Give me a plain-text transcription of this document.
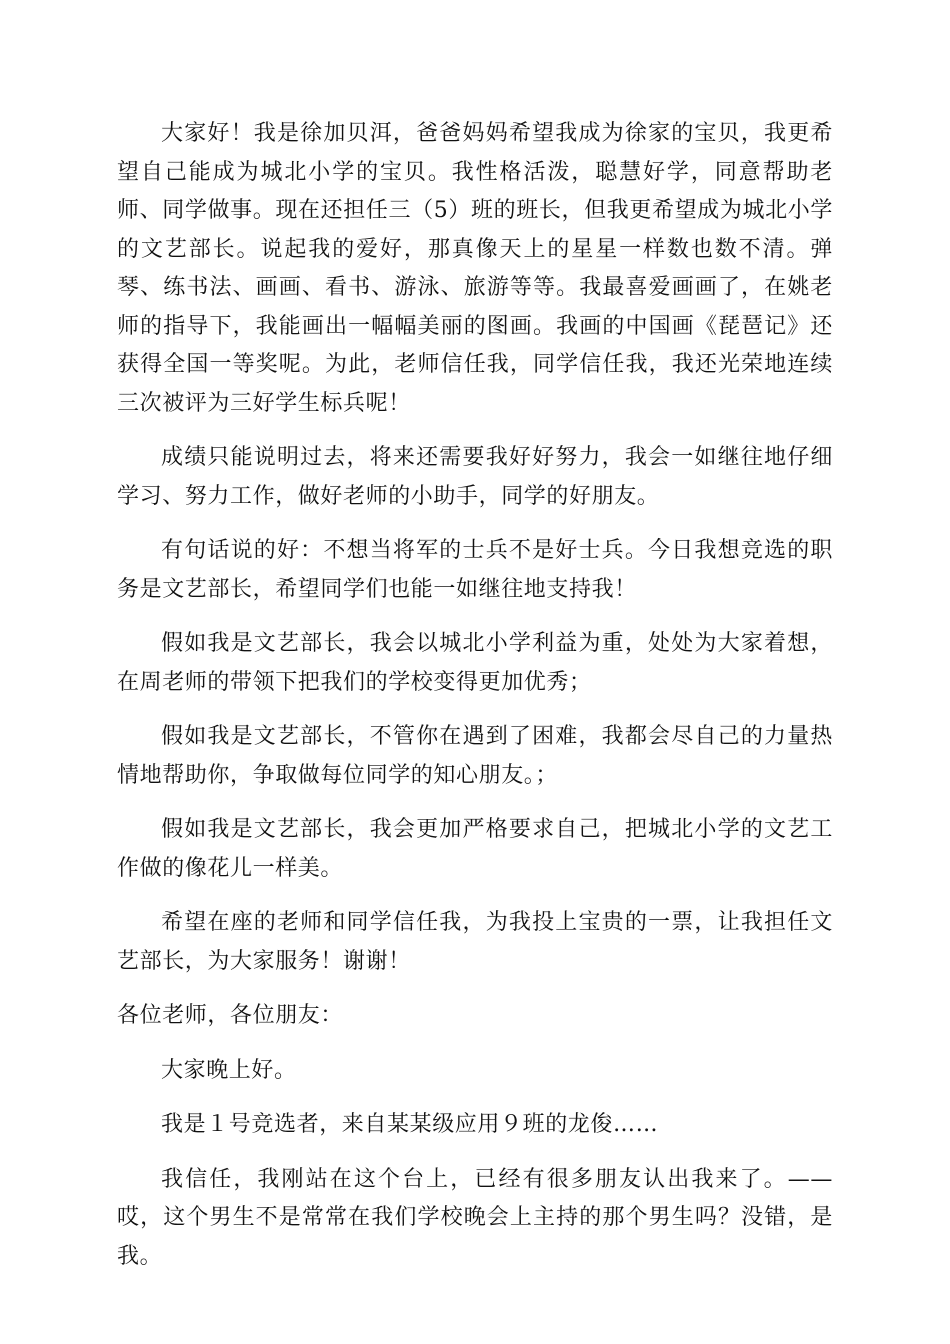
大家好！我是徐加贝洱，爸爸妈妈希望我成为徐家的宝贝，我更希望自己能成为城北小学的宝贝。我性格活泼，聪慧好学，同意帮助老师、同学做事。现在还担任三（5）班的班长，但我更希望成为城北小学的文艺部长。说起我的爱好，那真像天上的星星一样数也数不清。弹琴、练书法、画画、看书、游泳、旅游等等。我最喜爱画画了，在姚老师的指导下，我能画出一幅幅美丽的图画。我画的中国画《琵琶记》还获得全国一等奖呢。为此，老师信任我，同学信任我，我还光荣地连续三次被评为三好学生标兵呢！

成绩只能说明过去，将来还需要我好好努力，我会一如继往地仔细学习、努力工作，做好老师的小助手，同学的好朋友。

有句话说的好：不想当将军的士兵不是好士兵。今日我想竞选的职务是文艺部长，希望同学们也能一如继往地支持我！

假如我是文艺部长，我会以城北小学利益为重，处处为大家着想，在周老师的带领下把我们的学校变得更加优秀；

假如我是文艺部长，不管你在遇到了困难，我都会尽自己的力量热情地帮助你，争取做每位同学的知心朋友。；

假如我是文艺部长，我会更加严格要求自己，把城北小学的文艺工作做的像花儿一样美。

希望在座的老师和同学信任我，为我投上宝贵的一票，让我担任文艺部长，为大家服务！谢谢！

各位老师，各位朋友：

大家晚上好。

我是１号竞选者，来自某某级应用９班的龙俊……

我信任，我刚站在这个台上，已经有很多朋友认出我来了。——哎，这个男生不是常常在我们学校晚会上主持的那个男生吗？没错，是我。
